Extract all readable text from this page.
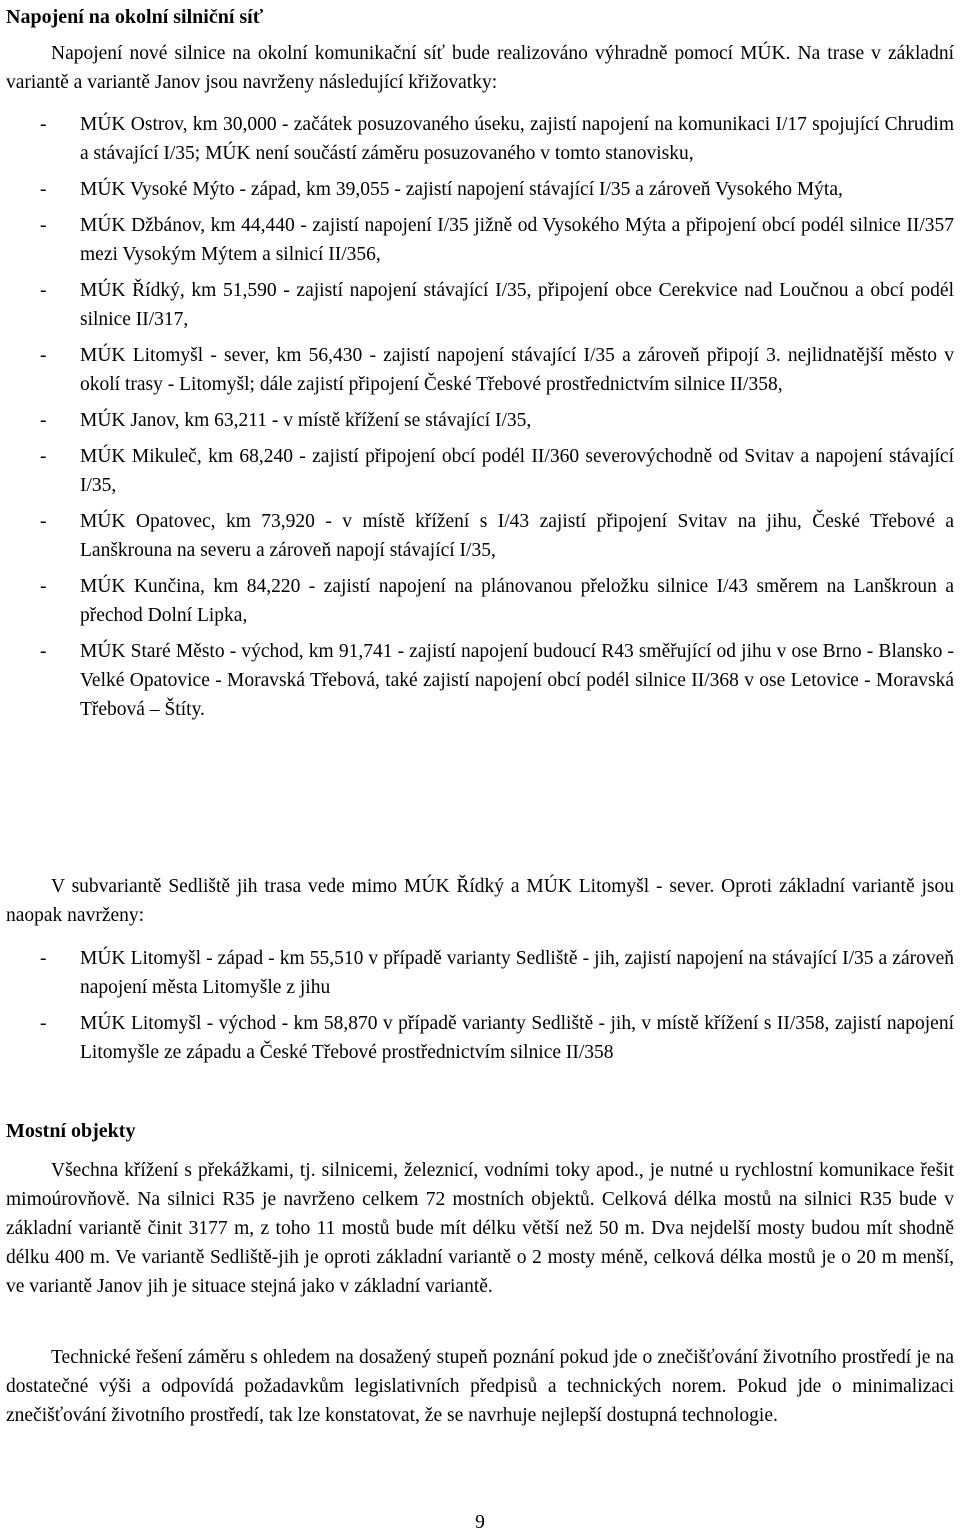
Napojení na okolní silniční síť

Napojení nové silnice na okolní komunikační síť bude realizováno výhradně pomocí MÚK. Na trase v základní variantě a variantě Janov jsou navrženy následující křižovatky:

- MÚK Ostrov, km 30,000 - začátek posuzovaného úseku, zajistí napojení na komunikaci I/17 spojující Chrudim a stávající I/35; MÚK není součástí záměru posuzovaného v tomto stanovisku,
- MÚK Vysoké Mýto - západ, km 39,055 - zajistí napojení stávající I/35 a zároveň Vysokého Mýta,
- MÚK Džbánov, km 44,440 - zajistí napojení I/35 jižně od Vysokého Mýta a připojení obcí podél silnice II/357 mezi Vysokým Mýtem a silnicí II/356,
- MÚK Řídký, km 51,590 - zajistí napojení stávající I/35, připojení obce Cerekvice nad Loučnou a obcí podél silnice II/317,
- MÚK Litomyšl - sever, km 56,430 - zajistí napojení stávající I/35 a zároveň připojí 3. nejlidnatější město v okolí trasy - Litomyšl; dále zajistí připojení České Třebové prostřednictvím silnice II/358,
- MÚK Janov, km 63,211 - v místě křížení se stávající I/35,
- MÚK Mikuleč, km 68,240 - zajistí připojení obcí podél II/360 severovýchodně od Svitav a napojení stávající I/35,
- MÚK Opatovec, km 73,920 - v místě křížení s I/43 zajistí připojení Svitav na jihu, České Třebové a Lanškrouna na severu a zároveň napojí stávající I/35,
- MÚK Kunčina, km 84,220 - zajistí napojení na plánovanou přeložku silnice I/43 směrem na Lanškroun a přechod Dolní Lipka,
- MÚK Staré Město - východ, km 91,741 - zajistí napojení budoucí R43 směřující od jihu v ose Brno - Blansko - Velké Opatovice - Moravská Třebová, také zajistí napojení obcí podél silnice II/368 v ose Letovice - Moravská Třebová – Štíty.

V subvariantě Sedliště jih trasa vede mimo MÚK Řídký a MÚK Litomyšl - sever. Oproti základní variantě jsou naopak navrženy:

- MÚK Litomyšl - západ - km 55,510 v případě varianty Sedliště - jih, zajistí napojení na stávající I/35 a zároveň napojení města Litomyšle z jihu
- MÚK Litomyšl - východ - km 58,870 v případě varianty Sedliště - jih, v místě křížení s II/358, zajistí napojení Litomyšle ze západu a České Třebové prostřednictvím silnice II/358
Mostní objekty

Všechna křížení s překážkami, tj. silnicemi, železnicí, vodními toky apod., je nutné u rychlostní komunikace řešit mimoúrovňově. Na silnici R35 je navrženo celkem 72 mostních objektů. Celková délka mostů na silnici R35 bude v základní variantě činit 3177 m, z toho 11 mostů bude mít délku větší než 50 m. Dva nejdelší mosty budou mít shodně délku 400 m. Ve variantě Sedliště-jih je oproti základní variantě o 2 mosty méně, celková délka mostů je o 20 m menší, ve variantě Janov jih je situace stejná jako v základní variantě.

Technické řešení záměru s ohledem na dosažený stupeň poznání pokud jde o znečišťování životního prostředí je na dostatečné výši a odpovídá požadavkům legislativních předpisů a technických norem. Pokud jde o minimalizaci znečišťování životního prostředí, tak lze konstatovat, že se navrhuje nejlepší dostupná technologie.

9
